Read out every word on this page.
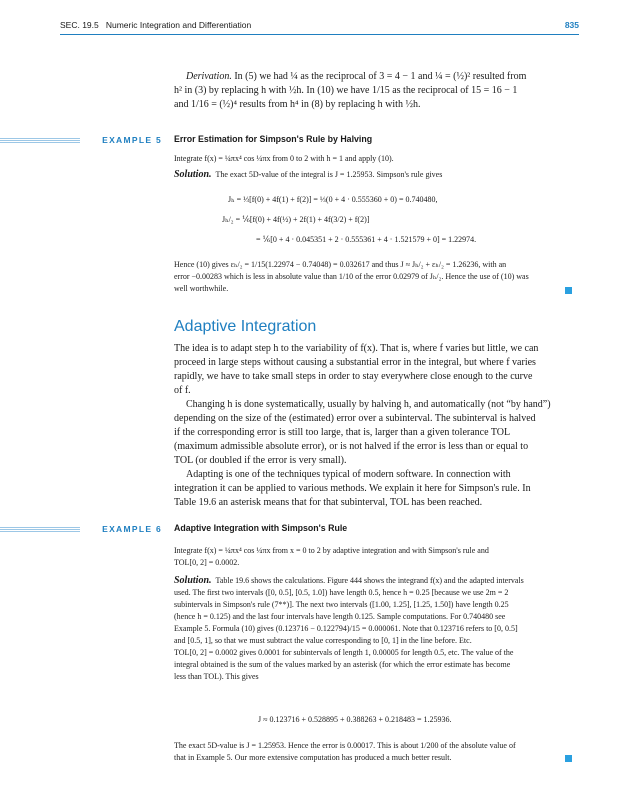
SEC. 19.5 Numeric Integration and Differentiation	835
Derivation. In (5) we had ¼ as the reciprocal of 3 = 4 − 1 and ¼ = (½)² resulted from
h² in (3) by replacing h with ½h. In (10) we have 1/15 as the reciprocal of 15 = 16 − 1
and 1/16 = (½)⁴ results from h⁴ in (8) by replacing h with ½h.
EXAMPLE 5 Error Estimation for Simpson's Rule by Halving
Integrate f(x) = ¼πx⁴ cos ¼πx from 0 to 2 with h = 1 and apply (10).
Solution. The exact 5D-value of the integral is J = 1.25953. Simpson's rule gives
Jₕ = ⅓[f(0) + 4f(1) + f(2)] = ⅓(0 + 4 · 0.555360 + 0) = 0.740480,
Jₕ/₂ = ⅙[f(0) + 4f(½) + 2f(1) + 4f(3/2) + f(2)]
= ⅙[0 + 4 · 0.045351 + 2 · 0.555361 + 4 · 1.521579 + 0] = 1.22974.
Hence (10) gives εₕ/₂ = 1/15(1.22974 − 0.74048) = 0.032617 and thus J ≈ Jₕ/₂ + εₕ/₂ = 1.26236, with an
error −0.00283 which is less in absolute value than 1/10 of the error 0.02979 of Jₕ/₂. Hence the use of (10) was
well worthwhile.
Adaptive Integration
The idea is to adapt step h to the variability of f(x). That is, where f varies but little, we can
proceed in large steps without causing a substantial error in the integral, but where f varies
rapidly, we have to take small steps in order to stay everywhere close enough to the curve
of f.
Changing h is done systematically, usually by halving h, and automatically (not “by hand”)
depending on the size of the (estimated) error over a subinterval. The subinterval is halved
if the corresponding error is still too large, that is, larger than a given tolerance TOL
(maximum admissible absolute error), or is not halved if the error is less than or equal to
TOL (or doubled if the error is very small).
Adapting is one of the techniques typical of modern software. In connection with
integration it can be applied to various methods. We explain it here for Simpson's rule. In
Table 19.6 an asterisk means that for that subinterval, TOL has been reached.
EXAMPLE 6 Adaptive Integration with Simpson's Rule
Integrate f(x) = ¼πx⁴ cos ¼πx from x = 0 to 2 by adaptive integration and with Simpson's rule and
TOL[0, 2] = 0.0002.
Solution. Table 19.6 shows the calculations. Figure 444 shows the integrand f(x) and the adapted intervals
used. The first two intervals ([0, 0.5], [0.5, 1.0]) have length 0.5, hence h = 0.25 [because we use 2m = 2
subintervals in Simpson's rule (7**)]. The next two intervals ([1.00, 1.25], [1.25, 1.50]) have length 0.25
(hence h = 0.125) and the last four intervals have length 0.125. Sample computations. For 0.740480 see
Example 5. Formula (10) gives (0.123716 − 0.122794)/15 = 0.000061. Note that 0.123716 refers to [0, 0.5]
and [0.5, 1], so that we must subtract the value corresponding to [0, 1] in the line before. Etc.
TOL[0, 2] = 0.0002 gives 0.0001 for subintervals of length 1, 0.00005 for length 0.5, etc. The value of the
integral obtained is the sum of the values marked by an asterisk (for which the error estimate has become
less than TOL). This gives
J ≈ 0.123716 + 0.528895 + 0.388263 + 0.218483 = 1.25936.
The exact 5D-value is J = 1.25953. Hence the error is 0.00017. This is about 1/200 of the absolute value of
that in Example 5. Our more extensive computation has produced a much better result.
